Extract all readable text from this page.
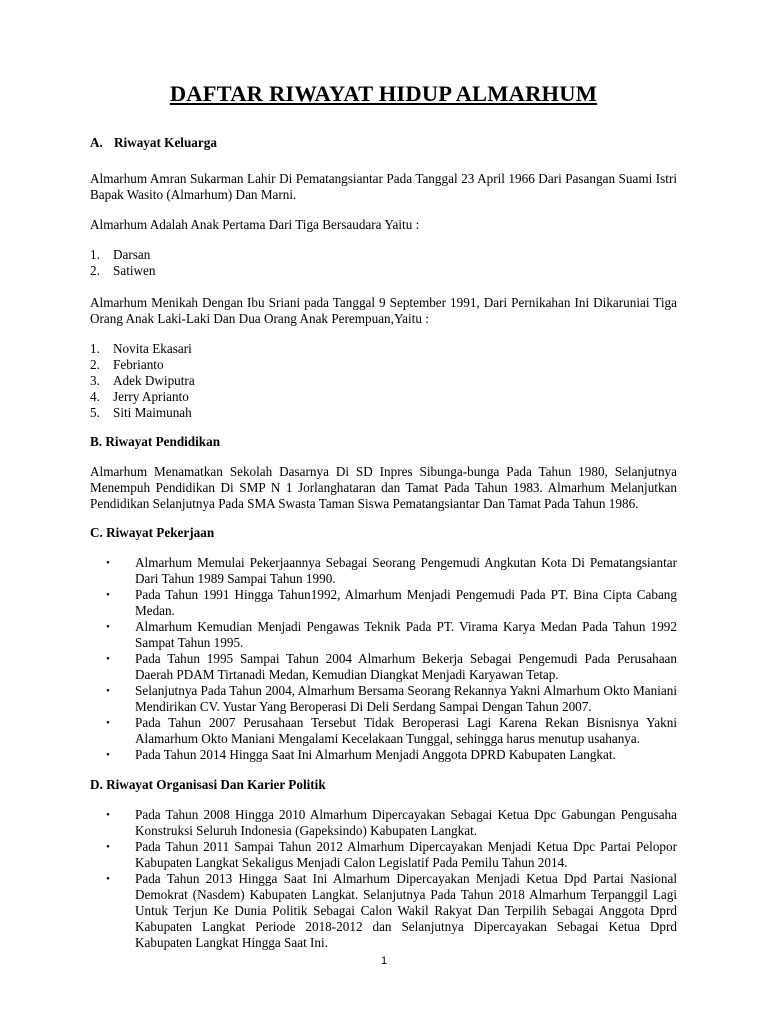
DAFTAR RIWAYAT HIDUP ALMARHUM
A. Riwayat Keluarga

Almarhum Amran Sukarman Lahir Di Pematangsiantar Pada Tanggal 23 April 1966 Dari Pasangan Suami Istri Bapak Wasito (Almarhum) Dan Marni.

Almarhum Adalah Anak Pertama Dari Tiga Bersaudara Yaitu :

1. Darsan
2. Satiwen

Almarhum Menikah Dengan Ibu Sriani pada Tanggal 9 September 1991, Dari Pernikahan Ini Dikaruniai Tiga Orang Anak Laki-Laki Dan Dua Orang Anak Perempuan,Yaitu :

1. Novita Ekasari
2. Febrianto
3. Adek Dwiputra
4. Jerry Aprianto
5. Siti Maimunah
B. Riwayat Pendidikan

Almarhum Menamatkan Sekolah Dasarnya Di SD Inpres Sibunga-bunga Pada Tahun 1980, Selanjutnya Menempuh Pendidikan Di SMP N 1 Jorlanghataran dan Tamat Pada Tahun 1983. Almarhum Melanjutkan Pendidikan Selanjutnya Pada SMA Swasta Taman Siswa Pematangsiantar Dan Tamat Pada Tahun 1986.

C. Riwayat Pekerjaan
•	Almarhum Memulai Pekerjaannya Sebagai Seorang Pengemudi Angkutan Kota Di Pematangsiantar Dari Tahun 1989 Sampai Tahun 1990.
•	Pada Tahun 1991 Hingga Tahun1992, Almarhum Menjadi Pengemudi Pada PT. Bina Cipta Cabang Medan.
•	Almarhum Kemudian Menjadi Pengawas Teknik Pada PT. Virama Karya Medan Pada Tahun 1992 Sampat Tahun 1995.
•	Pada Tahun 1995 Sampai Tahun 2004 Almarhum Bekerja Sebagai Pengemudi Pada Perusahaan Daerah PDAM Tirtanadi Medan, Kemudian Diangkat Menjadi Karyawan Tetap.
•	Selanjutnya Pada Tahun 2004, Almarhum Bersama Seorang Rekannya Yakni Almarhum Okto Maniani Mendirikan CV. Yustar Yang Beroperasi Di Deli Serdang Sampai Dengan Tahun 2007.
•	Pada Tahun 2007 Perusahaan Tersebut Tidak Beroperasi Lagi Karena Rekan Bisnisnya Yakni Alamarhum Okto Maniani Mengalami Kecelakaan Tunggal, sehingga harus menutup usahanya.
•	Pada Tahun 2014 Hingga Saat Ini Almarhum Menjadi Anggota DPRD Kabupaten Langkat.
D. Riwayat Organisasi Dan Karier Politik
•	Pada Tahun 2008 Hingga 2010 Almarhum Dipercayakan Sebagai Ketua Dpc Gabungan Pengusaha Konstruksi Seluruh Indonesia (Gapeksindo) Kabupaten Langkat.
•	Pada Tahun 2011 Sampai Tahun 2012 Almarhum Dipercayakan Menjadi Ketua Dpc Partai Pelopor Kabupaten Langkat Sekaligus Menjadi Calon Legislatif Pada Pemilu Tahun 2014.
•	Pada Tahun 2013 Hingga Saat Ini Almarhum Dipercayakan Menjadi Ketua Dpd Partai Nasional Demokrat (Nasdem) Kabupaten Langkat. Selanjutnya Pada Tahun 2018 Almarhum Terpanggil Lagi Untuk Terjun Ke Dunia Politik Sebagai Calon Wakil Rakyat Dan Terpilih Sebagai Anggota Dprd Kabupaten Langkat Periode 2018-2012 dan Selanjutnya Dipercayakan Sebagai Ketua Dprd Kabupaten Langkat Hingga Saat Ini.
1
